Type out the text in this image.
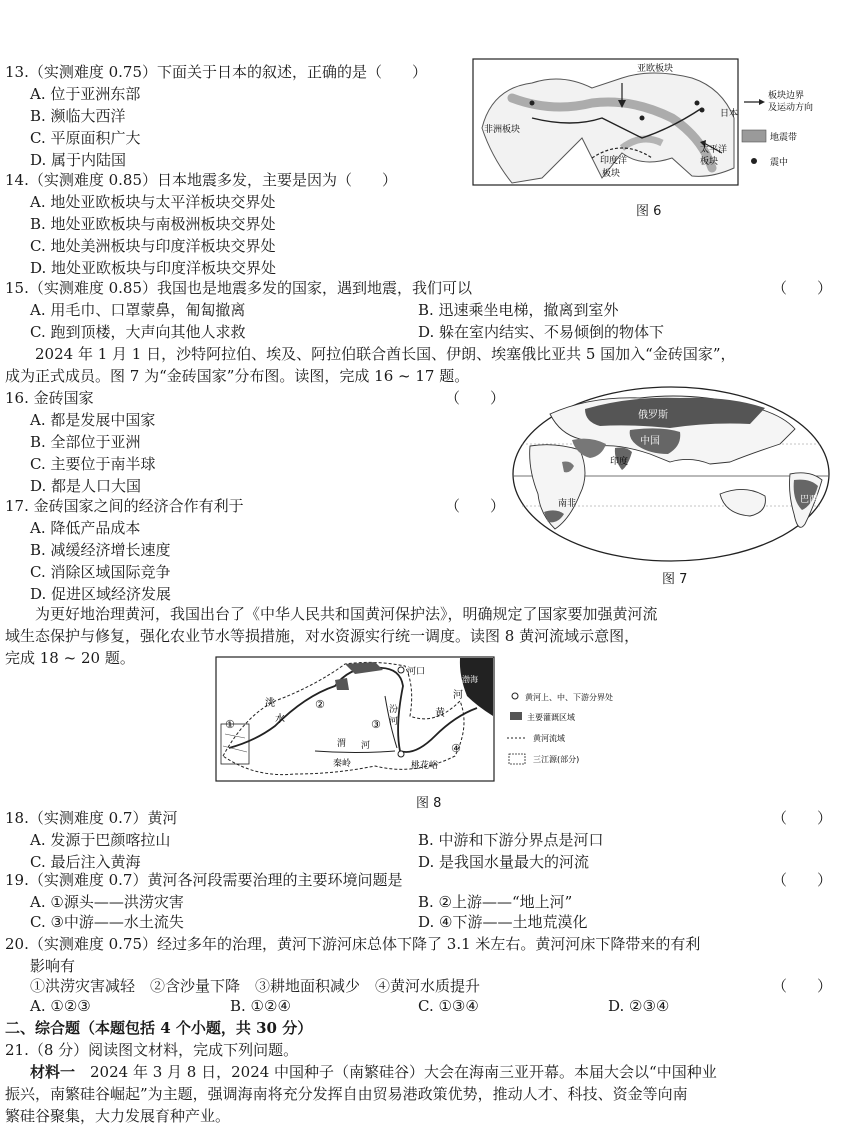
13.（实测难度 0.75）下面关于日本的叙述，正确的是（　　）
A. 位于亚洲东部
B. 濒临大西洋
C. 平原面积广大
D. 属于内陆国
14.（实测难度 0.85）日本地震多发，主要是因为（　　）
A. 地处亚欧板块与太平洋板块交界处
B. 地处亚欧板块与南极洲板块交界处
C. 地处美洲板块与印度洋板块交界处
D. 地处亚欧板块与印度洋板块交界处
亚欧板块
非洲板块
印度洋
板块
太平洋
板块
日本
板块边界
及运动方向
地震带
震中
图 6
15.（实测难度 0.85）我国也是地震多发的国家，遇到地震，我们可以	（　　）
A. 用毛巾、口罩蒙鼻，匍匐撤离	B. 迅速乘坐电梯，撤离到室外
C. 跑到顶楼，大声向其他人求救	D. 躲在室内结实、不易倾倒的物体下
　　2024 年 1 月 1 日，沙特阿拉伯、埃及、阿拉伯联合酋长国、伊朗、埃塞俄比亚共 5 国加入“金砖国家”，
成为正式成员。图 7 为“金砖国家”分布图。读图，完成 16 ~ 17 题。
16. 金砖国家	（　　）
A. 都是发展中国家
B. 全部位于亚洲
C. 主要位于南半球
D. 都是人口大国
17. 金砖国家之间的经济合作有利于	（　　）
A. 降低产品成本
B. 减缓经济增长速度
C. 消除区域国际竞争
D. 促进区域经济发展
俄罗斯
中国
印度
南非	巴西
图 7
　　为更好地治理黄河，我国出台了《中华人民共和国黄河保护法》，明确规定了国家要加强黄河流
域生态保护与修复，强化农业节水等损措施，对水资源实行统一调度。读图 8 黄河流域示意图，
完成 18 ~ 20 题。
渤海
河口
洮
水
汾
河
渭 河
黄
河
秦岭	桃花峪
①
②
③
④
黄河上、中、下游分界处
主要灌溉区域
黄河流域
三江源(部分)
图 8
18.（实测难度 0.7）黄河	（　　）
A. 发源于巴颜喀拉山	B. 中游和下游分界点是河口
C. 最后注入黄海	D. 是我国水量最大的河流
19.（实测难度 0.7）黄河各河段需要治理的主要环境问题是	（　　）
A. ①源头——洪涝灾害	B. ②上游——“地上河”
C. ③中游——水土流失	D. ④下游——土地荒漠化
20.（实测难度 0.75）经过多年的治理，黄河下游河床总体下降了 3.1 米左右。黄河河床下降带来的有利
影响有
①洪涝灾害减轻　②含沙量下降　③耕地面积减少　④黄河水质提升	（　　）
A. ①②③	B. ①②④	C. ①③④	D. ②③④
二、综合题（本题包括 4 个小题，共 30 分）
21.（8 分）阅读图文材料，完成下列问题。
材料一　2024 年 3 月 8 日，2024 中国种子（南繁硅谷）大会在海南三亚开幕。本届大会以“中国种业
振兴，南繁硅谷崛起”为主题，强调海南将充分发挥自由贸易港政策优势，推动人才、科技、资金等向南
繁硅谷聚集，大力发展育种产业。
